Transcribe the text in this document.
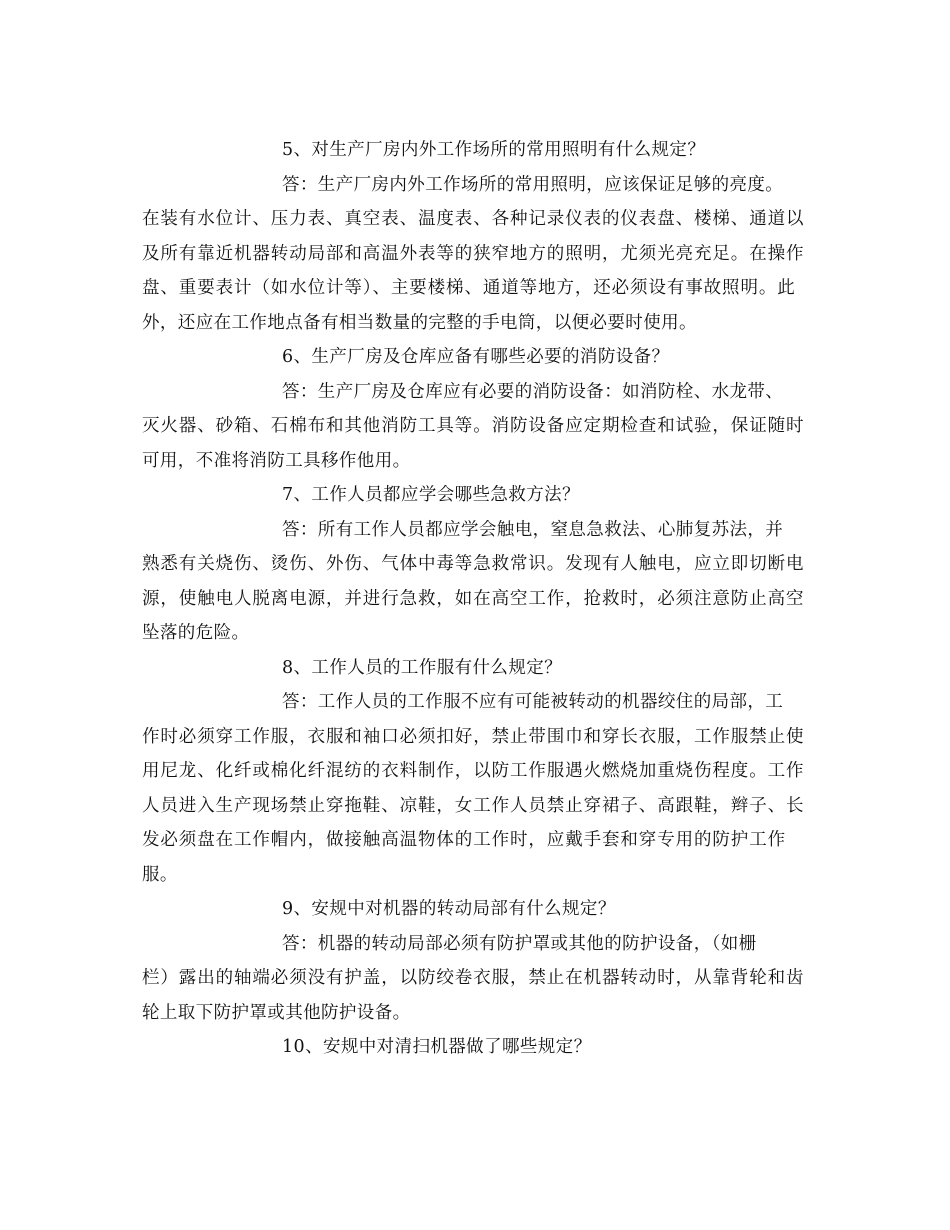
5、对生产厂房内外工作场所的常用照明有什么规定？
答：生产厂房内外工作场所的常用照明，应该保证足够的亮度。
在装有水位计、压力表、真空表、温度表、各种记录仪表的仪表盘、楼梯、通道以
及所有靠近机器转动局部和高温外表等的狭窄地方的照明，尤须光亮充足。在操作
盘、重要表计（如水位计等）、主要楼梯、通道等地方，还必须设有事故照明。此
外，还应在工作地点备有相当数量的完整的手电筒，以便必要时使用。
6、生产厂房及仓库应备有哪些必要的消防设备？
答：生产厂房及仓库应有必要的消防设备：如消防栓、水龙带、
灭火器、砂箱、石棉布和其他消防工具等。消防设备应定期检查和试验，保证随时
可用，不准将消防工具移作他用。
7、工作人员都应学会哪些急救方法？
答：所有工作人员都应学会触电，窒息急救法、心肺复苏法，并
熟悉有关烧伤、烫伤、外伤、气体中毒等急救常识。发现有人触电，应立即切断电
源，使触电人脱离电源，并进行急救，如在高空工作，抢救时，必须注意防止高空
坠落的危险。
8、工作人员的工作服有什么规定？
答：工作人员的工作服不应有可能被转动的机器绞住的局部，工
作时必须穿工作服，衣服和袖口必须扣好，禁止带围巾和穿长衣服，工作服禁止使
用尼龙、化纤或棉化纤混纺的衣料制作，以防工作服遇火燃烧加重烧伤程度。工作
人员进入生产现场禁止穿拖鞋、凉鞋，女工作人员禁止穿裙子、高跟鞋，辫子、长
发必须盘在工作帽内，做接触高温物体的工作时，应戴手套和穿专用的防护工作
服。
9、安规中对机器的转动局部有什么规定？
答：机器的转动局部必须有防护罩或其他的防护设备，（如栅
栏）露出的轴端必须没有护盖，以防绞卷衣服，禁止在机器转动时，从靠背轮和齿
轮上取下防护罩或其他防护设备。
10、安规中对清扫机器做了哪些规定？
